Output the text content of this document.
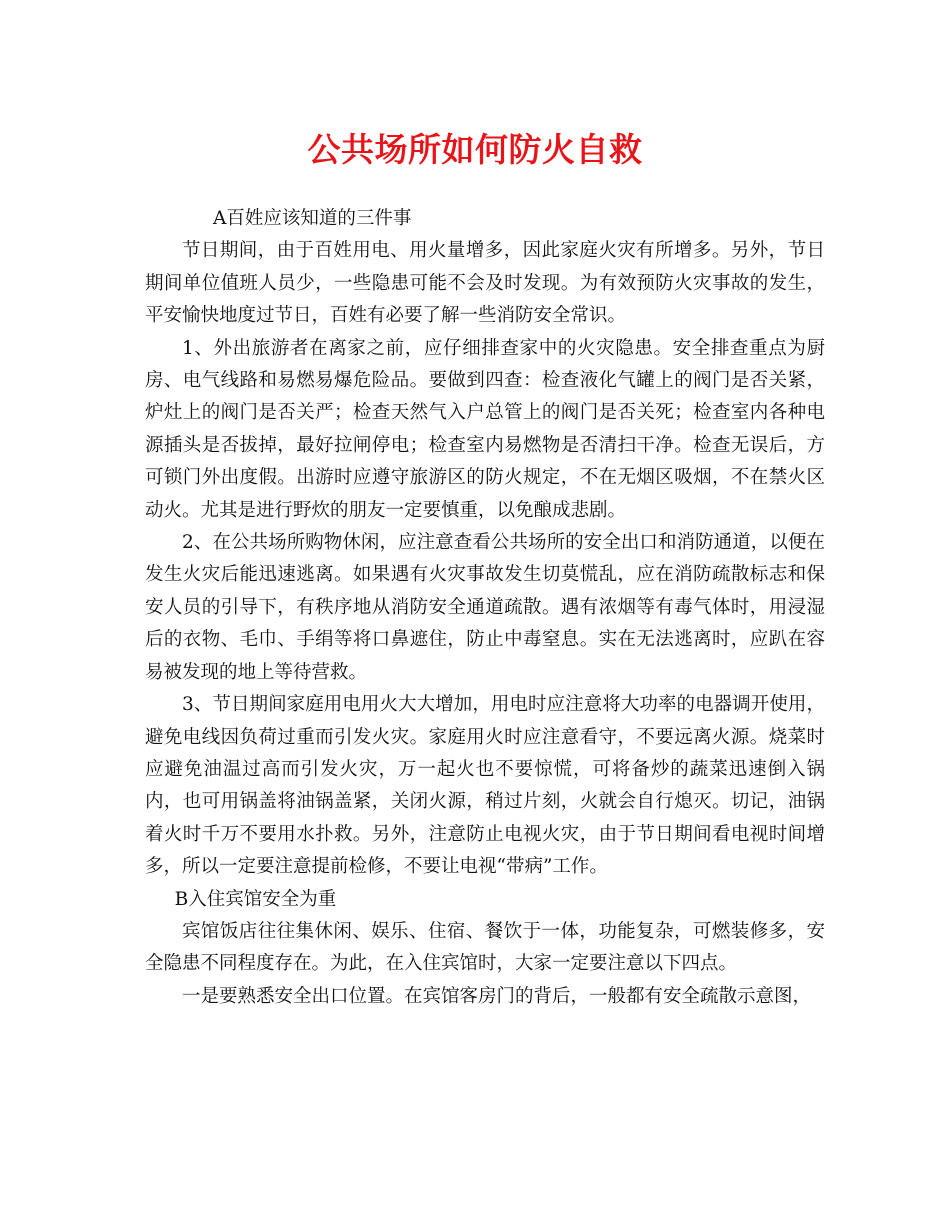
公共场所如何防火自救

A百姓应该知道的三件事

节日期间，由于百姓用电、用火量增多，因此家庭火灾有所增多。另外，节日期间单位值班人员少，一些隐患可能不会及时发现。为有效预防火灾事故的发生，平安愉快地度过节日，百姓有必要了解一些消防安全常识。

1、外出旅游者在离家之前，应仔细排查家中的火灾隐患。安全排查重点为厨房、电气线路和易燃易爆危险品。要做到四查：检查液化气罐上的阀门是否关紧，炉灶上的阀门是否关严；检查天然气入户总管上的阀门是否关死；检查室内各种电源插头是否拔掉，最好拉闸停电；检查室内易燃物是否清扫干净。检查无误后，方可锁门外出度假。出游时应遵守旅游区的防火规定，不在无烟区吸烟，不在禁火区动火。尤其是进行野炊的朋友一定要慎重，以免酿成悲剧。

2、在公共场所购物休闲，应注意查看公共场所的安全出口和消防通道，以便在发生火灾后能迅速逃离。如果遇有火灾事故发生切莫慌乱，应在消防疏散标志和保安人员的引导下，有秩序地从消防安全通道疏散。遇有浓烟等有毒气体时，用浸湿后的衣物、毛巾、手绢等将口鼻遮住，防止中毒窒息。实在无法逃离时，应趴在容易被发现的地上等待营救。

3、节日期间家庭用电用火大大增加，用电时应注意将大功率的电器调开使用，避免电线因负荷过重而引发火灾。家庭用火时应注意看守，不要远离火源。烧菜时应避免油温过高而引发火灾，万一起火也不要惊慌，可将备炒的蔬菜迅速倒入锅内，也可用锅盖将油锅盖紧，关闭火源，稍过片刻，火就会自行熄灭。切记，油锅着火时千万不要用水扑救。另外，注意防止电视火灾，由于节日期间看电视时间增多，所以一定要注意提前检修，不要让电视“带病”工作。

B入住宾馆安全为重

宾馆饭店往往集休闲、娱乐、住宿、餐饮于一体，功能复杂，可燃装修多，安全隐患不同程度存在。为此，在入住宾馆时，大家一定要注意以下四点。

一是要熟悉安全出口位置。在宾馆客房门的背后，一般都有安全疏散示意图，
